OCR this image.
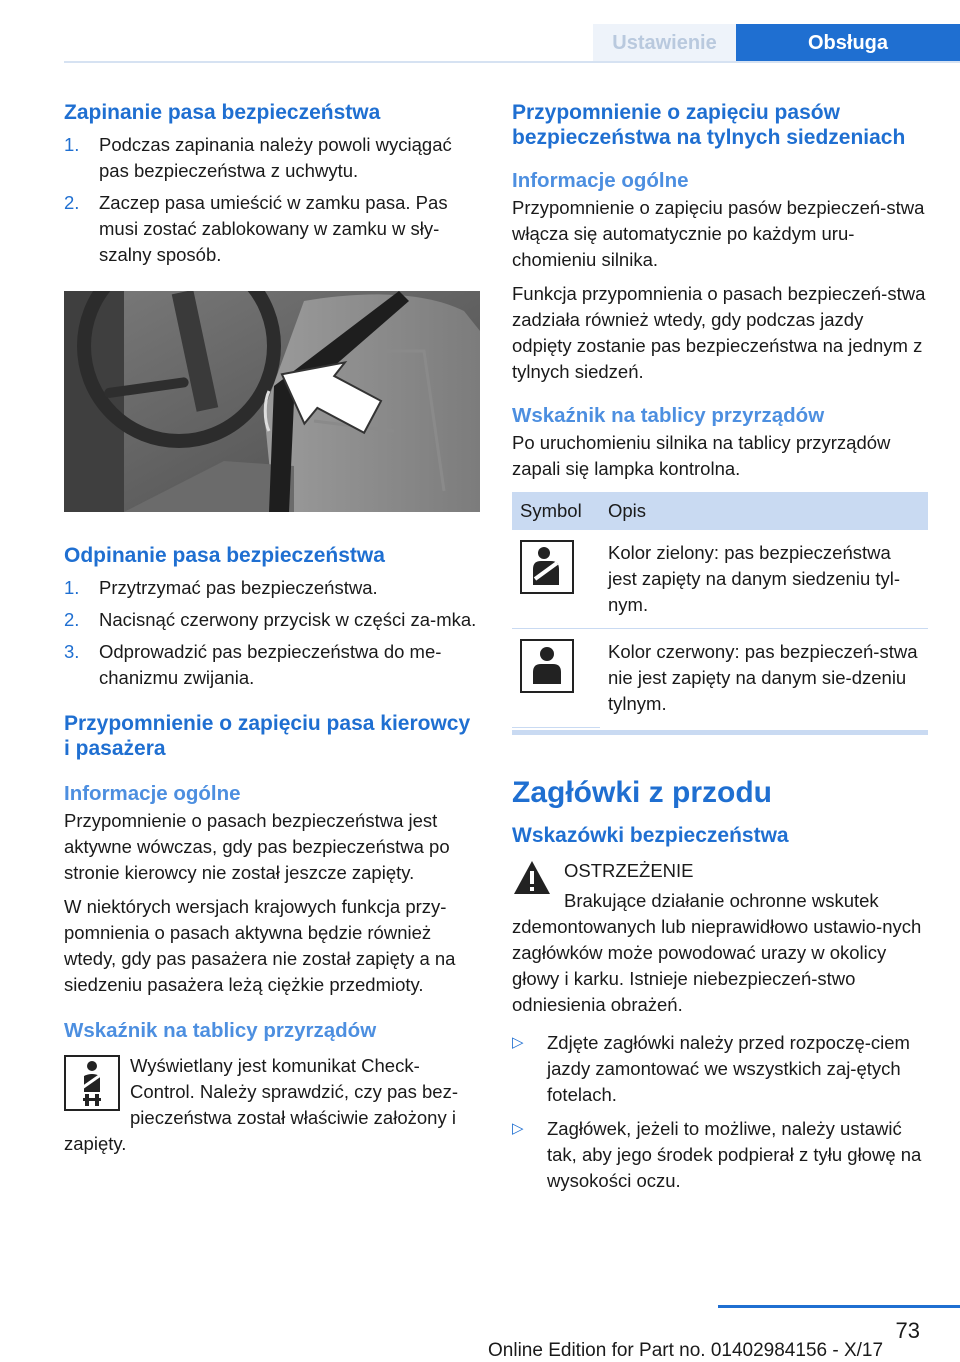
Ustawienie	Obsługa
Zapinanie pasa bezpieczeństwa
1. Podczas zapinania należy powoli wyciągać pas bezpieczeństwa z uchwytu.
2. Zaczep pasa umieścić w zamku pasa. Pas musi zostać zablokowany w zamku w sły-szalny sposób.
Odpinanie pasa bezpieczeństwa
1. Przytrzymać pas bezpieczeństwa.
2. Nacisnąć czerwony przycisk w części za-mka.
3. Odprowadzić pas bezpieczeństwa do me-chanizmu zwijania.
Przypomnienie o zapięciu pasa kierowcy i pasażera
Informacje ogólne

Przypomnienie o pasach bezpieczeństwa jest aktywne wówczas, gdy pas bezpieczeństwa po stronie kierowcy nie został jeszcze zapięty.

W niektórych wersjach krajowych funkcja przy-pomnienia o pasach aktywna będzie również wtedy, gdy pas pasażera nie został zapięty a na siedzeniu pasażera leżą ciężkie przedmioty.

Wskaźnik na tablicy przyrządów

Wyświetlany jest komunikat Check-Control. Należy sprawdzić, czy pas bez-pieczeństwa został właściwie założony i zapięty.

Przypomnienie o zapięciu pasów bezpieczeństwa na tylnych siedzeniach
Informacje ogólne

Przypomnienie o zapięciu pasów bezpieczeń-stwa włącza się automatycznie po każdym uru-chomieniu silnika.

Funkcja przypomnienia o pasach bezpieczeń-stwa zadziała również wtedy, gdy podczas jazdy odpięty zostanie pas bezpieczeństwa na jednym z tylnych siedzeń.

Wskaźnik na tablicy przyrządów

Po uruchomieniu silnika na tablicy przyrządów zapali się lampka kontrolna.

Symbol	Opis

	Kolor zielony: pas bezpieczeństwa jest zapięty na danym siedzeniu tyl-nym.

	Kolor czerwony: pas bezpieczeń-stwa nie jest zapięty na danym sie-dzeniu tylnym.
Zagłówki z przodu
Wskazówki bezpieczeństwa

OSTRZEŻENIE

Brakujące działanie ochronne wskutek zdemontowanych lub nieprawidłowo ustawio-nych zagłówków może powodować urazy w okolicy głowy i karku. Istnieje niebezpieczeń-stwo odniesienia obrażeń.

▷ Zdjęte zagłówki należy przed rozpoczę-ciem jazdy zamontować we wszystkich zaj-ętych fotelach.
▷ Zagłówek, jeżeli to możliwe, należy ustawić tak, aby jego środek podpierał z tyłu głowę na wysokości oczu.
73
Online Edition for Part no. 01402984156 - X/17
